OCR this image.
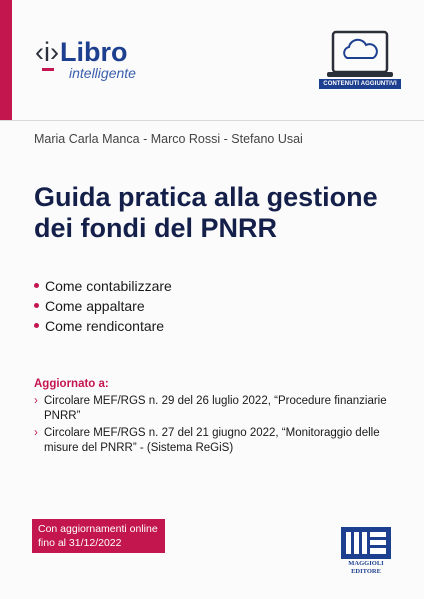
‹ i › Libro
intelligente
CONTENUTI AGGIUNTIVI
Maria Carla Manca - Marco Rossi - Stefano Usai
Guida pratica alla gestione
dei fondi del PNRR
Come contabilizzare
Come appaltare
Come rendicontare
Aggiornato a:
› Circolare MEF/RGS n. 29 del 26 luglio 2022, “Procedure finanziarie PNRR”
› Circolare MEF/RGS n. 27 del 21 giugno 2022, “Monitoraggio delle misure del PNRR” - (Sistema ReGiS)
Con aggiornamenti online
fino al 31/12/2022
MAGGIOLI EDITORE
